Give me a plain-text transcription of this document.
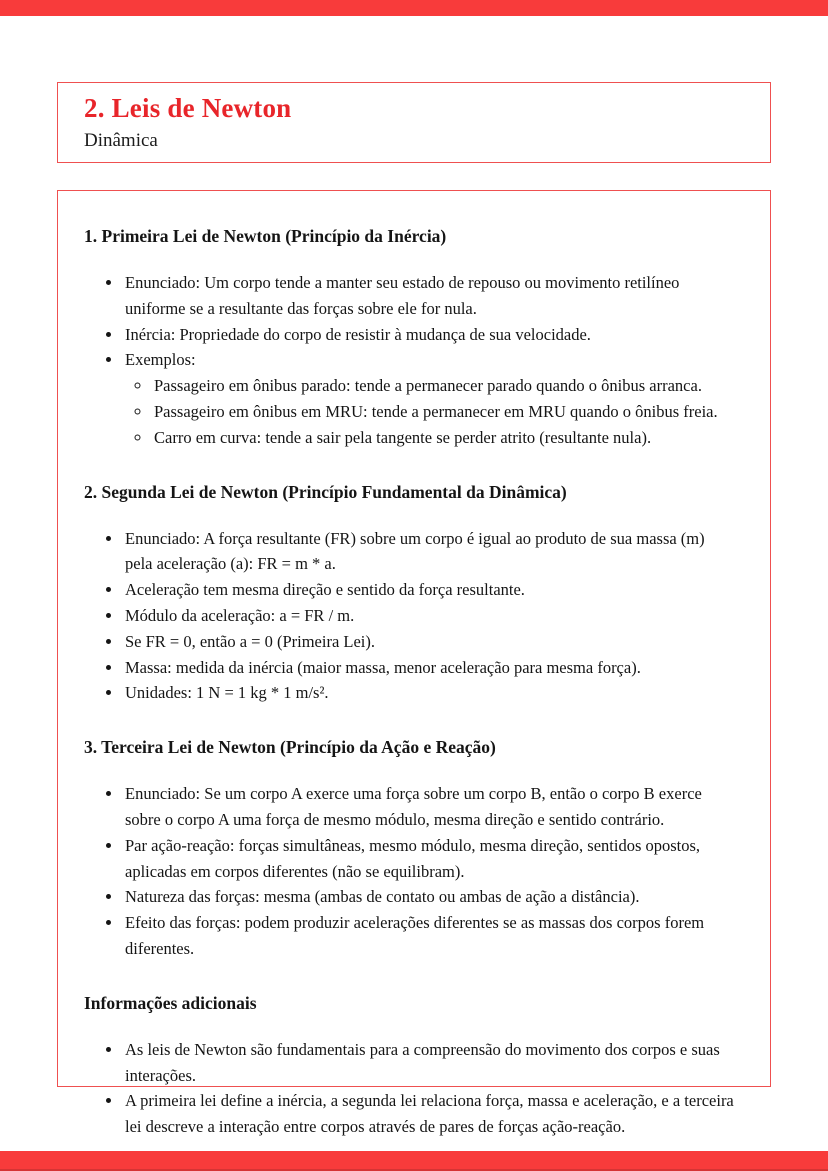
2. Leis de Newton
Dinâmica
1. Primeira Lei de Newton (Princípio da Inércia)
• Enunciado: Um corpo tende a manter seu estado de repouso ou movimento retilíneo uniforme se a resultante das forças sobre ele for nula.
• Inércia: Propriedade do corpo de resistir à mudança de sua velocidade.
• Exemplos:
◦ Passageiro em ônibus parado: tende a permanecer parado quando o ônibus arranca.
◦ Passageiro em ônibus em MRU: tende a permanecer em MRU quando o ônibus freia.
◦ Carro em curva: tende a sair pela tangente se perder atrito (resultante nula).
2. Segunda Lei de Newton (Princípio Fundamental da Dinâmica)
• Enunciado: A força resultante (FR) sobre um corpo é igual ao produto de sua massa (m) pela aceleração (a): FR = m * a.
• Aceleração tem mesma direção e sentido da força resultante.
• Módulo da aceleração: a = FR / m.
• Se FR = 0, então a = 0 (Primeira Lei).
• Massa: medida da inércia (maior massa, menor aceleração para mesma força).
• Unidades: 1 N = 1 kg * 1 m/s².
3. Terceira Lei de Newton (Princípio da Ação e Reação)
• Enunciado: Se um corpo A exerce uma força sobre um corpo B, então o corpo B exerce sobre o corpo A uma força de mesmo módulo, mesma direção e sentido contrário.
• Par ação-reação: forças simultâneas, mesmo módulo, mesma direção, sentidos opostos, aplicadas em corpos diferentes (não se equilibram).
• Natureza das forças: mesma (ambas de contato ou ambas de ação a distância).
• Efeito das forças: podem produzir acelerações diferentes se as massas dos corpos forem diferentes.
Informações adicionais
• As leis de Newton são fundamentais para a compreensão do movimento dos corpos e suas interações.
• A primeira lei define a inércia, a segunda lei relaciona força, massa e aceleração, e a terceira lei descreve a interação entre corpos através de pares de forças ação-reação.
